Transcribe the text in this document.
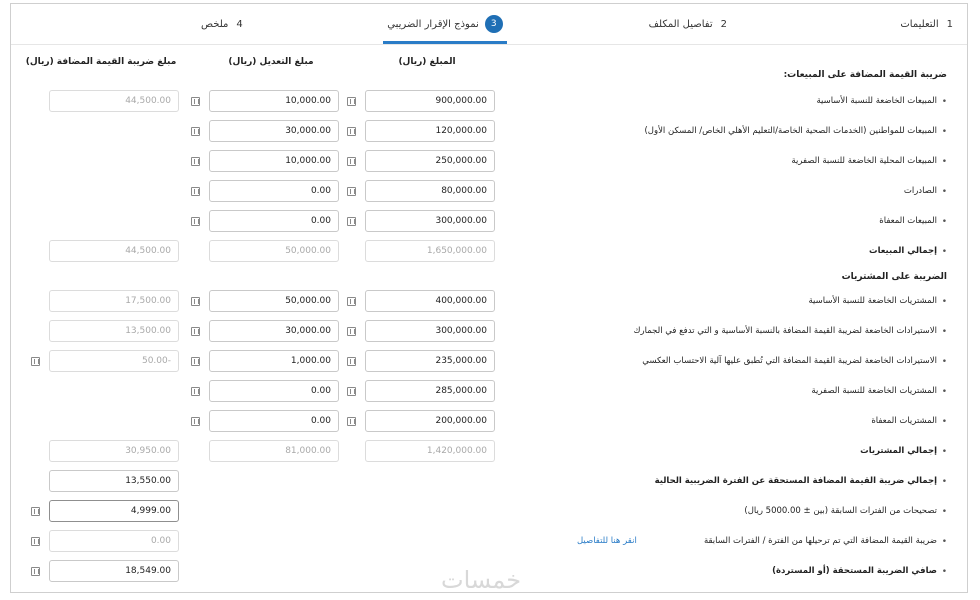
1
التعليمات
2
تفاصيل المكلف
3
نموذج الإقرار الضريبي
4
ملخص
المبلغ (ريال)
مبلغ التعديل (ريال)
مبلغ ضريبة القيمة المضافة (ريال)
ضريبة القيمة المضافة على المبيعات:
•
المبيعات الخاضعة للنسبة الأساسية
900,000.00
10,000.00
44,500.00
•
المبيعات للمواطنين (الخدمات الصحية الخاصة/التعليم الأهلي الخاص/ المسكن الأول)
120,000.00
30,000.00
•
المبيعات المحلية الخاضعة للنسبة الصفرية
250,000.00
10,000.00
•
الصادرات
80,000.00
0.00
•
المبيعات المعفاة
300,000.00
0.00
•
إجمالي المبيعات
1,650,000.00
50,000.00
44,500.00
الضريبة على المشتريات
•
المشتريات الخاضعة للنسبة الأساسية
400,000.00
50,000.00
17,500.00
•
الاستيرادات الخاضعة لضريبة القيمة المضافة بالنسبة الأساسية و التي تدفع في الجمارك
300,000.00
30,000.00
13,500.00
•
الاستيرادات الخاضعة لضريبة القيمة المضافة التي تُطبق عليها آلية الاحتساب العكسي
235,000.00
1,000.00
50.00-
•
المشتريات الخاضعة للنسبة الصفرية
285,000.00
0.00
•
المشتريات المعفاة
200,000.00
0.00
•
إجمالي المشتريات
1,420,000.00
81,000.00
30,950.00
•
إجمالي ضريبة القيمة المضافة المستحقة عن الفترة الضريبية الحالية
13,550.00
•
تصحيحات من الفترات السابقة (بين ± 5000.00 ريال)
4,999.00
•
ضريبة القيمة المضافة التي تم ترحيلها من الفترة / الفترات السابقة
انقر هنا للتفاصيل
0.00
•
صافي الضريبة المستحقة (أو المستردة)
18,549.00	خمسات
